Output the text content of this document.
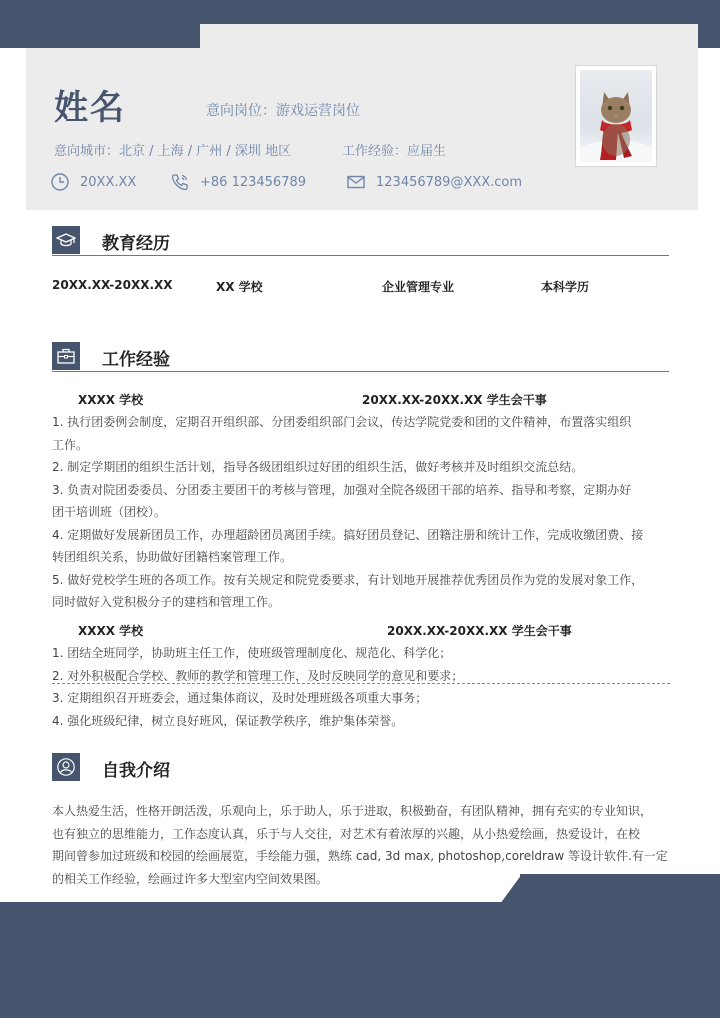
姓名	意向岗位：游戏运营岗位
意向城市：北京 / 上海 / 广州 / 深圳 地区	工作经验：应届生
20XX.XX	+86 123456789	123456789@XXX.com
教育经历
20XX.XX-20XX.XX	XX 学校	企业管理专业	本科学历
工作经验
XXXX 学校	20XX.XX-20XX.XX 学生会干事
1. 执行团委例会制度，定期召开组织部、分团委组织部门会议，传达学院党委和团的文件精神，布置落实组织
工作。
2. 制定学期团的组织生活计划，指导各级团组织过好团的组织生活，做好考核并及时组织交流总结。
3. 负责对院团委委员、分团委主要团干的考核与管理，加强对全院各级团干部的培养、指导和考察，定期办好
团干培训班（团校）。
4. 定期做好发展新团员工作，办理超龄团员离团手续。搞好团员登记、团籍注册和统计工作，完成收缴团费、接
转团组织关系，协助做好团籍档案管理工作。
5. 做好党校学生班的各项工作。按有关规定和院党委要求，有计划地开展推荐优秀团员作为党的发展对象工作，
同时做好入党积极分子的建档和管理工作。
XXXX 学校	20XX.XX-20XX.XX 学生会干事
1. 团结全班同学，协助班主任工作，使班级管理制度化、规范化、科学化；
2. 对外积极配合学校、教师的教学和管理工作，及时反映同学的意见和要求；
3. 定期组织召开班委会，通过集体商议，及时处理班级各项重大事务；
4. 强化班级纪律，树立良好班风，保证教学秩序，维护集体荣誉。
自我介绍
本人热爱生活，性格开朗活泼，乐观向上，乐于助人，乐于进取，积极勤奋，有团队精神，拥有充实的专业知识，
也有独立的思维能力，工作态度认真，乐于与人交往，对艺术有着浓厚的兴趣，从小热爱绘画，热爱设计，在校
期间曾参加过班级和校园的绘画展览，手绘能力强，熟练 cad, 3d max, photoshop,coreldraw 等设计软件.有一定
的相关工作经验，绘画过许多大型室内空间效果图。
